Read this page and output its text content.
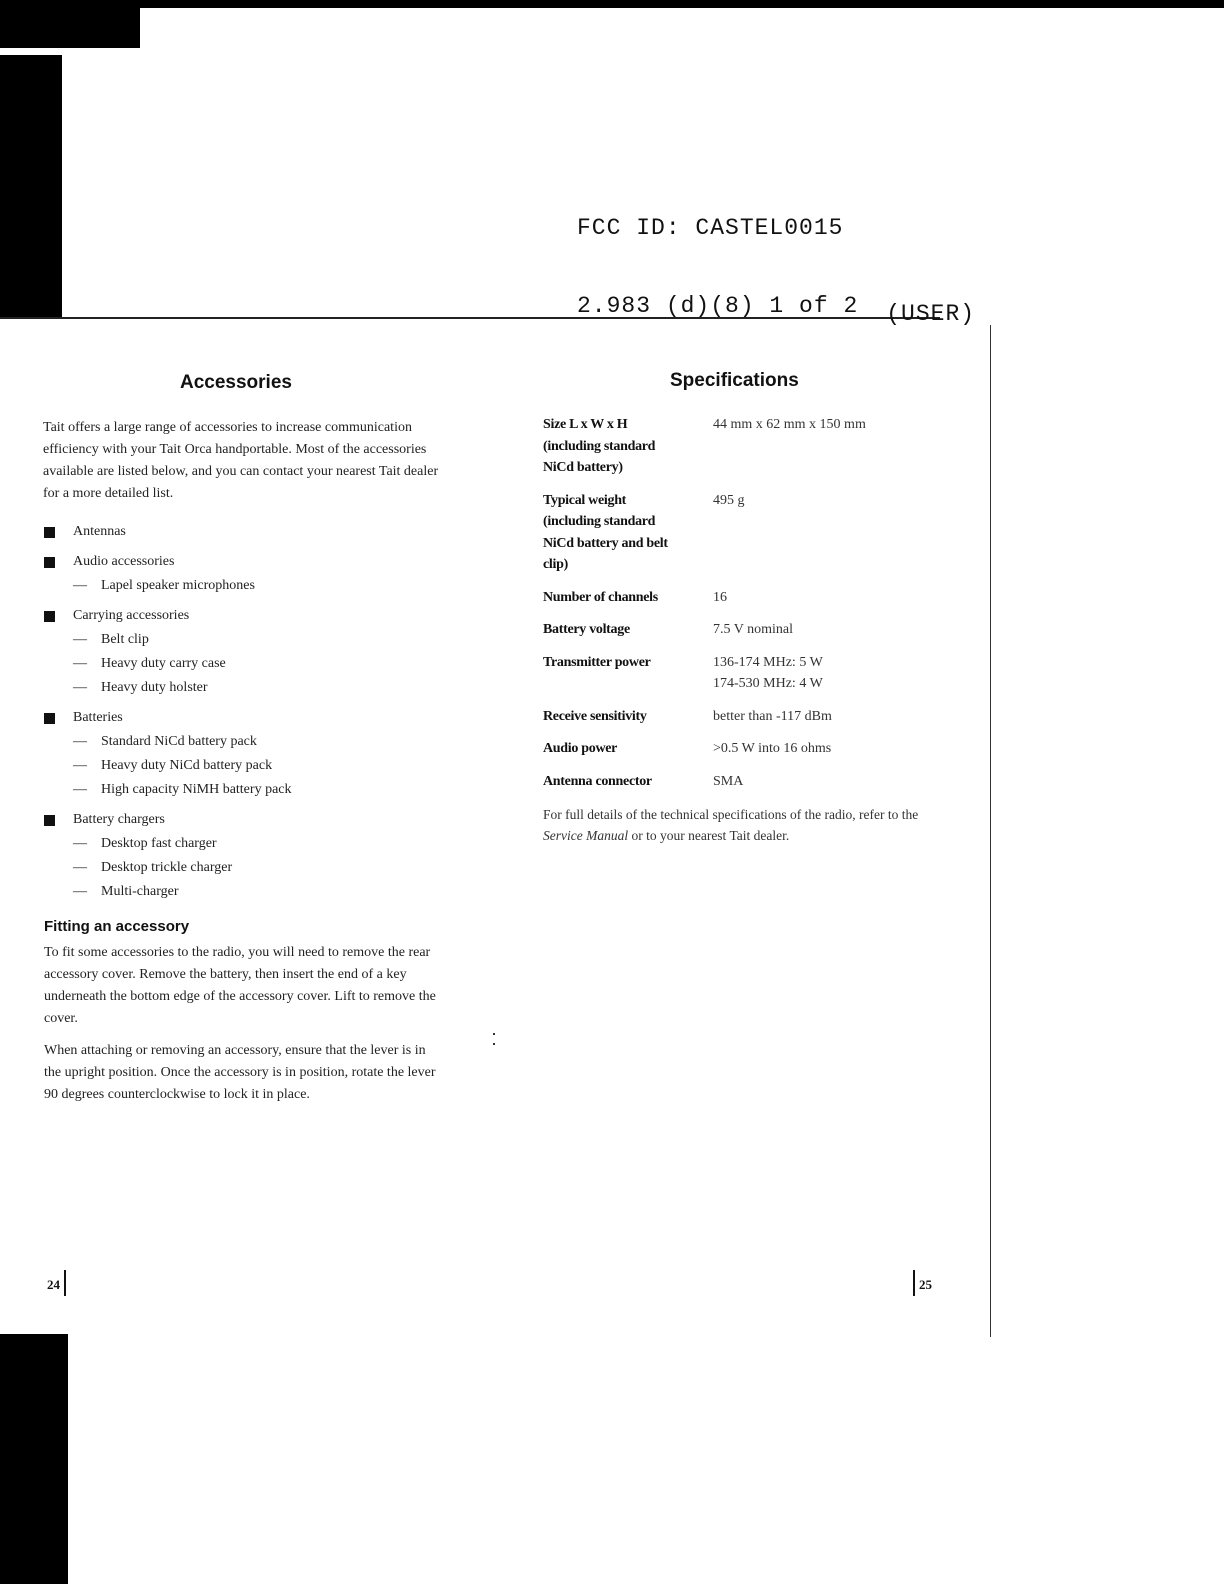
FCC ID: CASTEL0015

2.983 (d)(8) 1 of 2 (USER)

Accessories
Tait offers a large range of accessories to increase communication efficiency with your Tait Orca handportable. Most of the accessories available are listed below, and you can contact your nearest Tait dealer for a more detailed list.
Antennas
Audio accessories
— Lapel speaker microphones
Carrying accessories
— Belt clip
— Heavy duty carry case
— Heavy duty holster
Batteries
— Standard NiCd battery pack
— Heavy duty NiCd battery pack
— High capacity NiMH battery pack
Battery chargers
— Desktop fast charger
— Desktop trickle charger
— Multi-charger
Fitting an accessory
To fit some accessories to the radio, you will need to remove the rear accessory cover. Remove the battery, then insert the end of a key underneath the bottom edge of the accessory cover. Lift to remove the cover.
When attaching or removing an accessory, ensure that the lever is in the upright position. Once the accessory is in position, rotate the lever 90 degrees counterclockwise to lock it in place.
24
Specifications
Size L x W x H
(including standard
NiCd battery)	44 mm x 62 mm x 150 mm

Typical weight
(including standard
NiCd battery and belt
clip)	495 g

Number of channels	16

Battery voltage	7.5 V nominal

Transmitter power	136-174 MHz: 5 W
174-530 MHz: 4 W

Receive sensitivity	better than -117 dBm

Audio power	>0.5 W into 16 ohms

Antenna connector	SMA
For full details of the technical specifications of the radio, refer to the Service Manual or to your nearest Tait dealer.
25
